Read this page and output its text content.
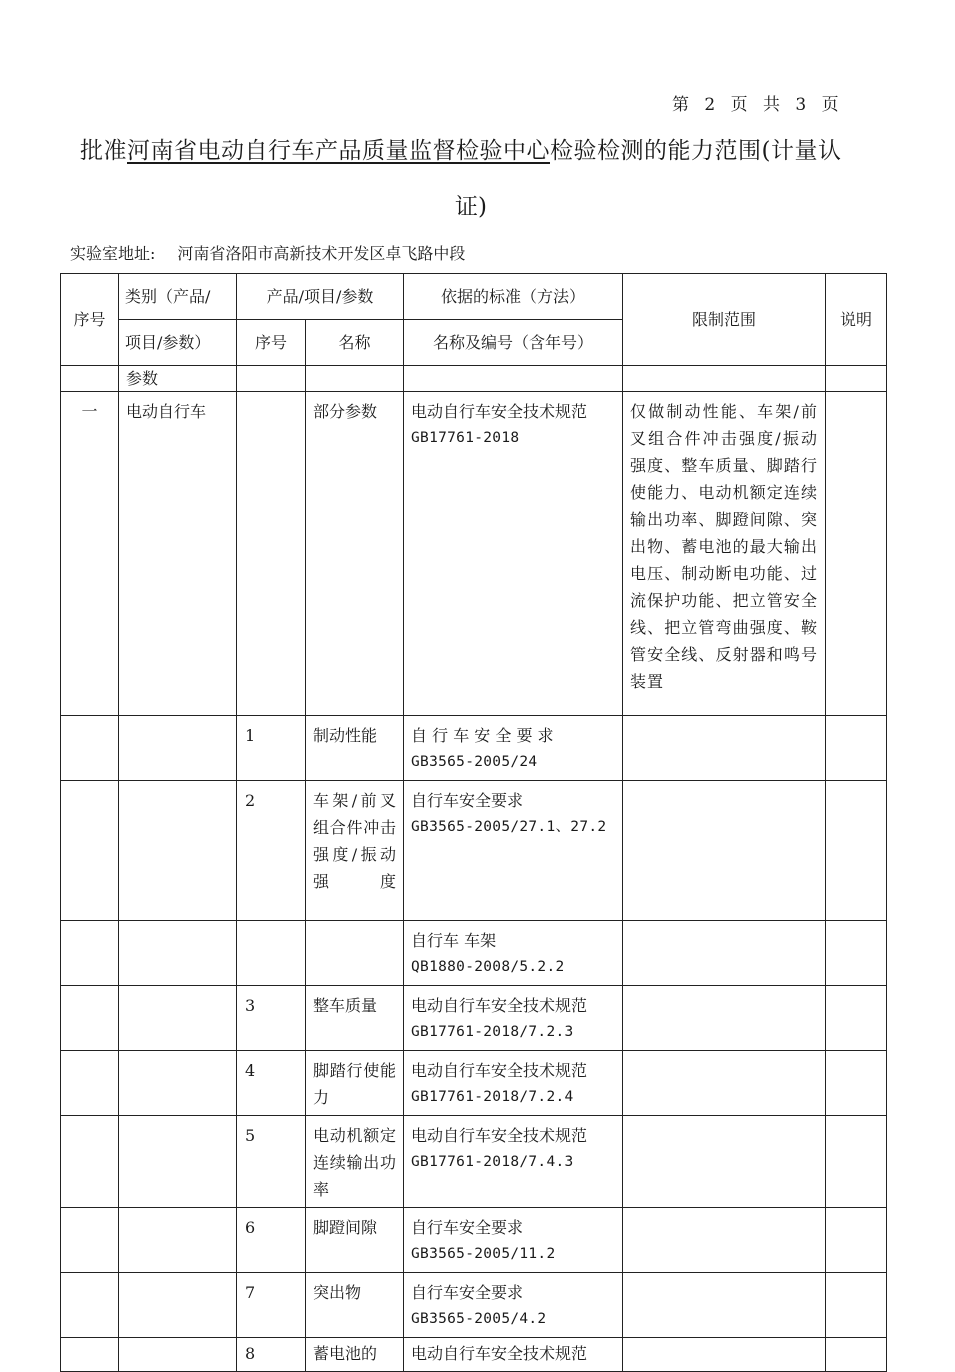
第 2 页 共 3 页
批准河南省电动自行车产品质量监督检验中心检验检测的能力范围(计量认
证)
实验室地址: 河南省洛阳市高新技术开发区卓飞路中段
序号	类别（产品/	产品/项目/参数		依据的标准（方法）	限制范围	说明
	项目/参数）	序号	名称	名称及编号（含年号）		
	参数					
一	电动自行车		部分参数	电动自行车安全技术规范
GB17761-2018	仅做制动性能、车架/前叉组合件冲击强度/振动强度、整车质量、脚踏行使能力、电动机额定连续输出功率、脚蹬间隙、突出物、蓄电池的最大输出电压、制动断电功能、过流保护功能、把立管安全线、把立管弯曲强度、鞍管安全线、反射器和鸣号装置	
		1	制动性能	自 行 车 安 全 要 求
GB3565-2005/24		

		2	车架/前叉组合件冲击强度/振动强度	自行车安全要求
GB3565-2005/27.1、27.2		

				自行车 车架
QB1880-2008/5.2.2		

		3	整车质量	电动自行车安全技术规范
GB17761-2018/7.2.3		

		4	脚踏行使能力	电动自行车安全技术规范
GB17761-2018/7.2.4		

		5	电动机额定连续输出功率	电动自行车安全技术规范
GB17761-2018/7.4.3		

		6	脚蹬间隙	自行车安全要求
GB3565-2005/11.2		

		7	突出物	自行车安全要求
GB3565-2005/4.2		

		8	蓄电池的	电动自行车安全技术规范		
